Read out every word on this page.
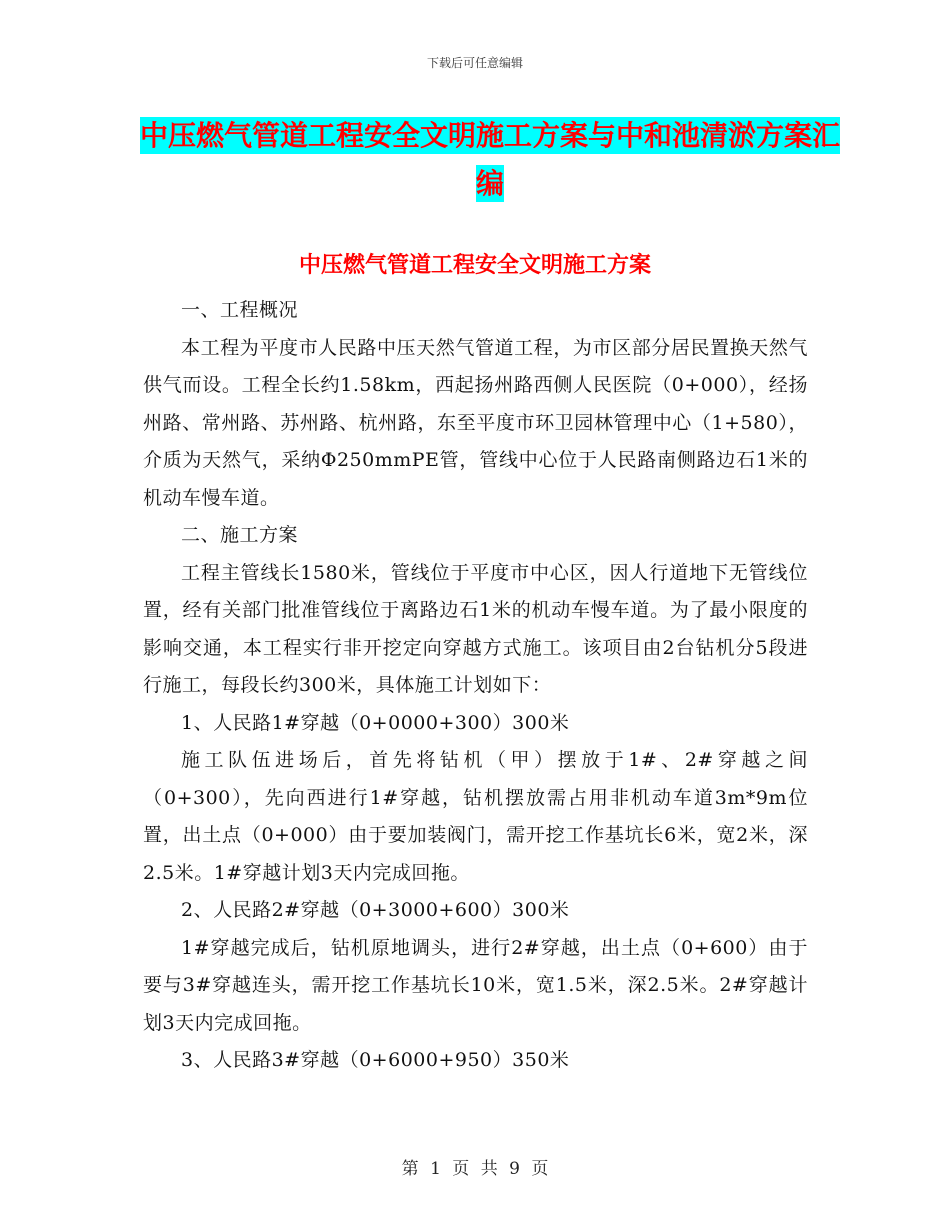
下载后可任意编辑
中压燃气管道工程安全文明施工方案与中和池清淤方案汇编
中压燃气管道工程安全文明施工方案

一、工程概况

本工程为平度市人民路中压天然气管道工程，为市区部分居民置换天然气供气而设。工程全长约1.58km，西起扬州路西侧人民医院（0+000），经扬州路、常州路、苏州路、杭州路，东至平度市环卫园林管理中心（1+580），介质为天然气，采纳Φ250mmPE管，管线中心位于人民路南侧路边石1米的机动车慢车道。

二、施工方案

工程主管线长1580米，管线位于平度市中心区，因人行道地下无管线位置，经有关部门批准管线位于离路边石1米的机动车慢车道。为了最小限度的影响交通，本工程实行非开挖定向穿越方式施工。该项目由2台钻机分5段进行施工，每段长约300米，具体施工计划如下：

1、人民路1#穿越（0+0000+300）300米

施工队伍进场后，首先将钻机（甲）摆放于1#、2#穿越之间（0+300），先向西进行1#穿越，钻机摆放需占用非机动车道3m*9m位置，出土点（0+000）由于要加装阀门，需开挖工作基坑长6米，宽2米，深2.5米。1#穿越计划3天内完成回拖。

2、人民路2#穿越（0+3000+600）300米

1#穿越完成后，钻机原地调头，进行2#穿越，出土点（0+600）由于要与3#穿越连头，需开挖工作基坑长10米，宽1.5米，深2.5米。2#穿越计划3天内完成回拖。

3、人民路3#穿越（0+6000+950）350米

第 1 页 共 9 页
